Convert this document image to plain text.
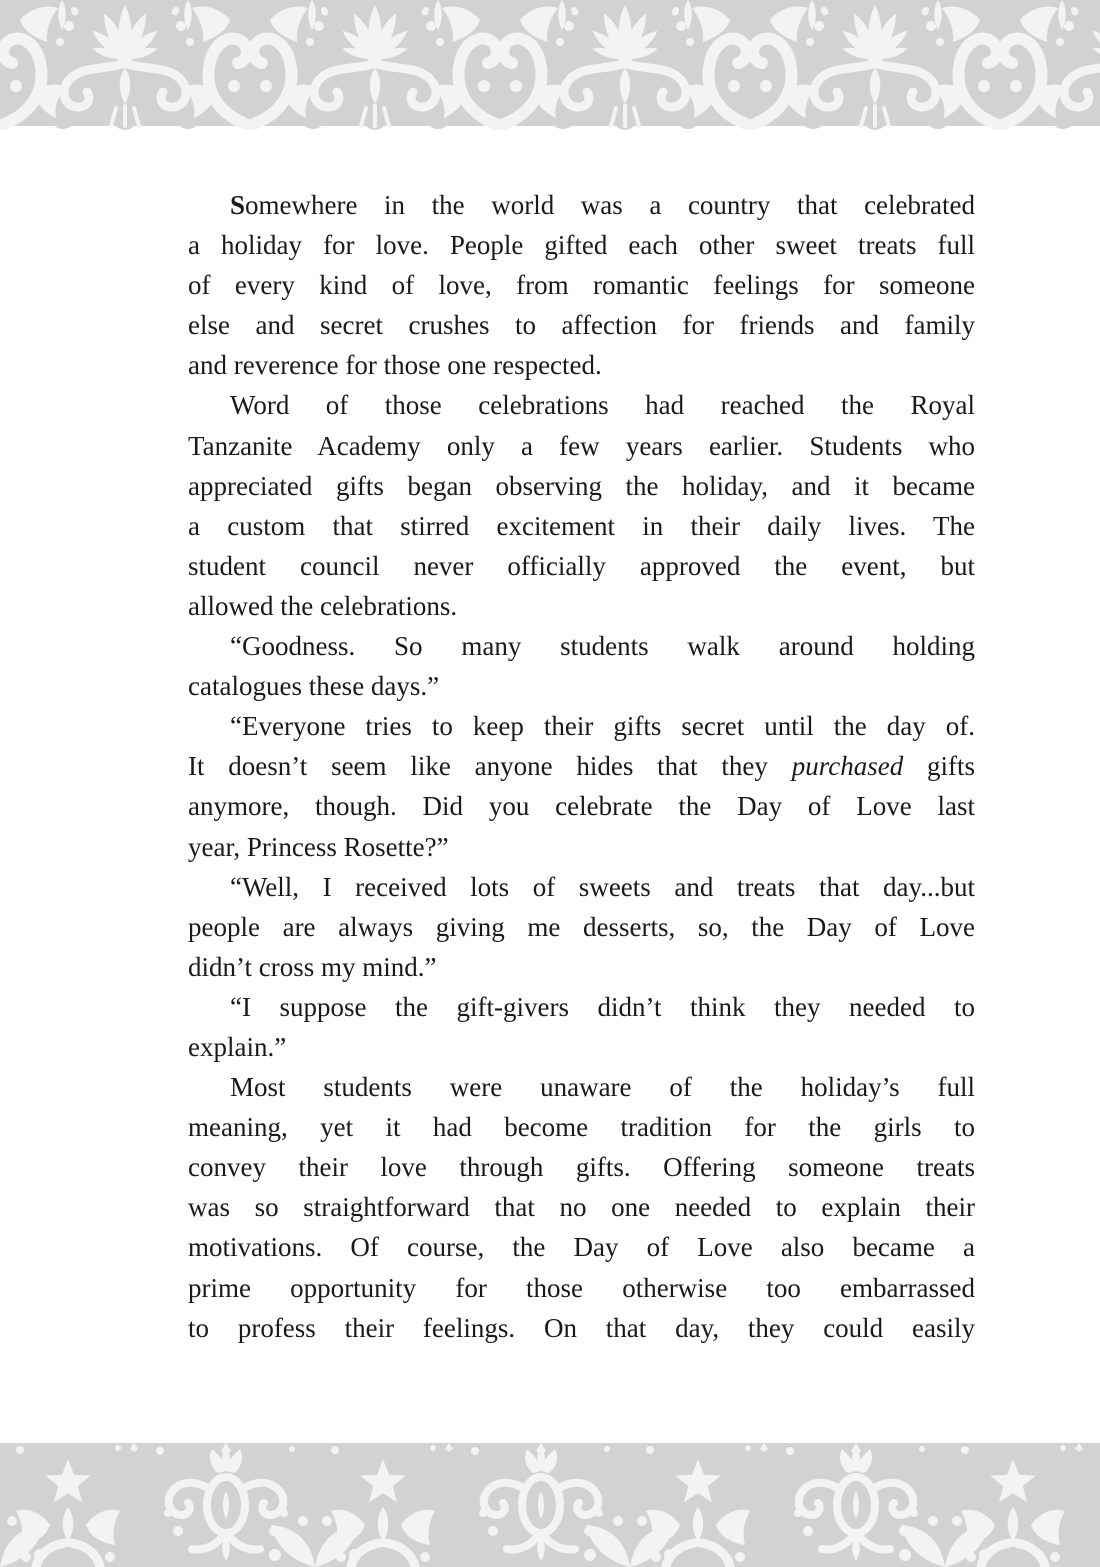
Somewhere in the world was a country that celebrated
a holiday for love. People gifted each other sweet treats full
of every kind of love, from romantic feelings for someone
else and secret crushes to affection for friends and family
and reverence for those one respected.
Word of those celebrations had reached the Royal
Tanzanite Academy only a few years earlier. Students who
appreciated gifts began observing the holiday, and it became
a custom that stirred excitement in their daily lives. The
student council never officially approved the event, but
allowed the celebrations.
“Goodness. So many students walk around holding
catalogues these days.”
“Everyone tries to keep their gifts secret until the day of.
It doesn’t seem like anyone hides that they purchased gifts
anymore, though. Did you celebrate the Day of Love last
year, Princess Rosette?”
“Well, I received lots of sweets and treats that day...but
people are always giving me desserts, so, the Day of Love
didn’t cross my mind.”
“I suppose the gift-givers didn’t think they needed to
explain.”
Most students were unaware of the holiday’s full
meaning, yet it had become tradition for the girls to
convey their love through gifts. Offering someone treats
was so straightforward that no one needed to explain their
motivations. Of course, the Day of Love also became a
prime opportunity for those otherwise too embarrassed
to profess their feelings. On that day, they could easily
